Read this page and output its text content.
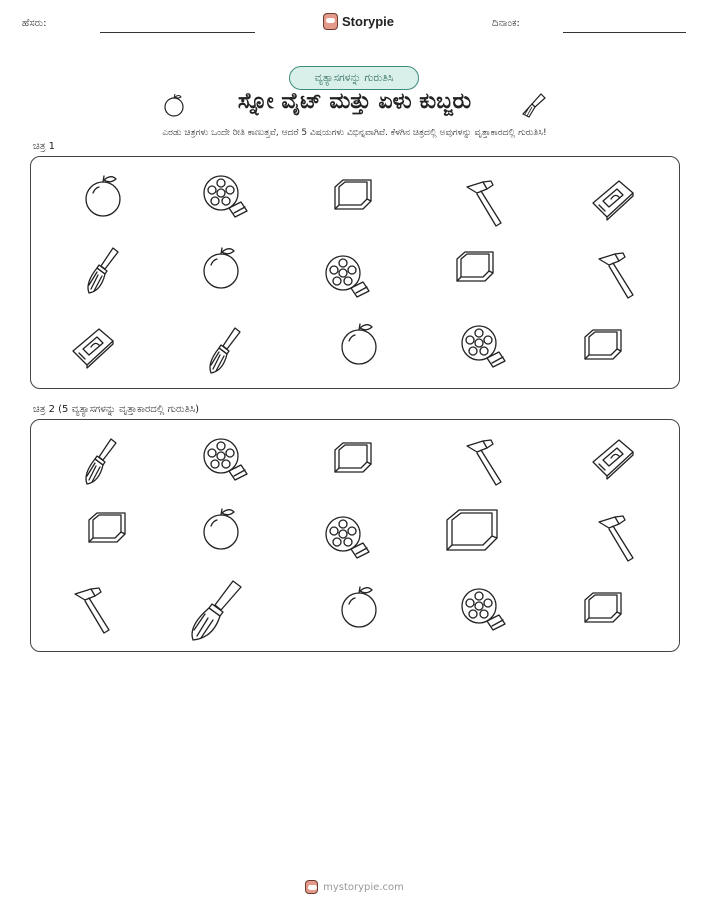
ಹೆಸರು:	Storypie	ದಿನಾಂಕ:
ವ್ಯತ್ಯಾಸಗಳನ್ನು ಗುರುತಿಸಿ
ಸ್ನೋ ವೈಟ್ ಮತ್ತು ಏಳು ಕುಬ್ಜರು
ಎರಡು ಚಿತ್ರಗಳು ಒಂದೇ ರೀತಿ ಕಾಣುತ್ತವೆ, ಆದರೆ 5 ವಿಷಯಗಳು ವಿಭಿನ್ನವಾಗಿವೆ. ಕೆಳಗಿನ ಚಿತ್ರದಲ್ಲಿ ಅವುಗಳನ್ನು ವೃತ್ತಾಕಾರದಲ್ಲಿ ಗುರುತಿಸಿ!
ಚಿತ್ರ 1
ಚಿತ್ರ 2 (5 ವ್ಯತ್ಯಾಸಗಳನ್ನು ವೃತ್ತಾಕಾರದಲ್ಲಿ ಗುರುತಿಸಿ)
mystorypie.com
